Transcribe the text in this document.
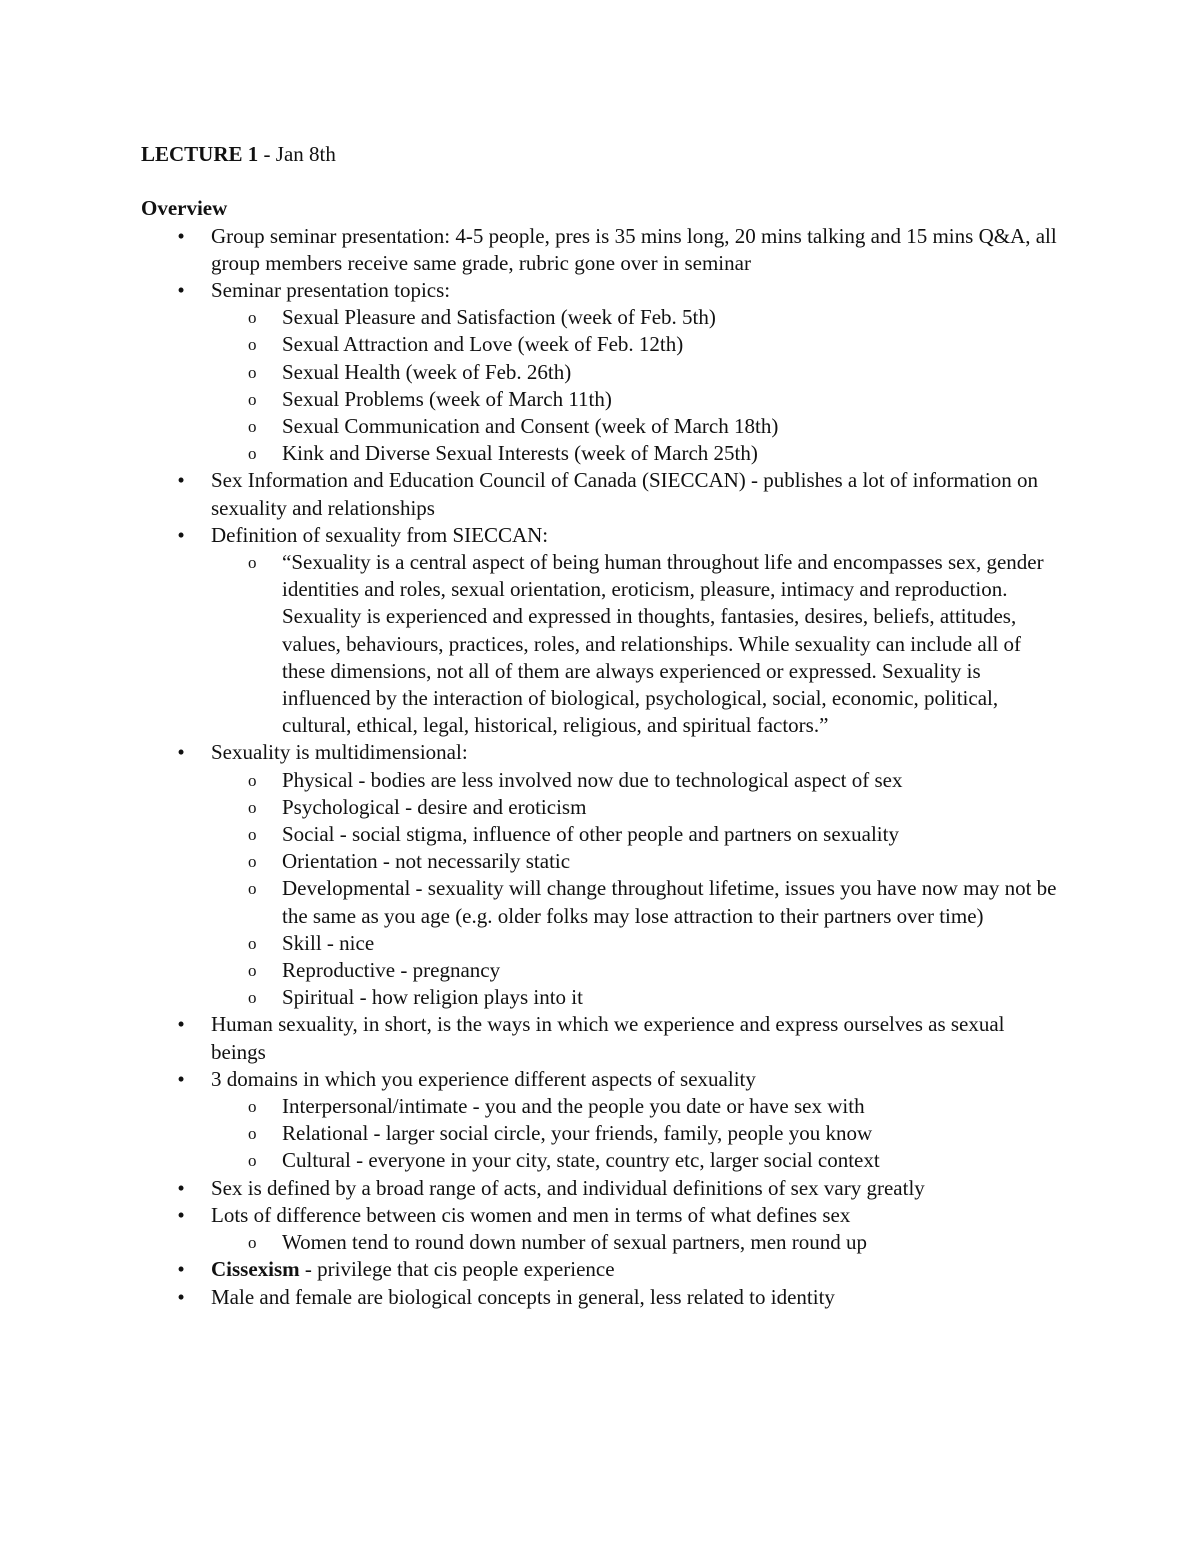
LECTURE 1 - Jan 8th
Overview
•	Group seminar presentation: 4-5 people, pres is 35 mins long, 20 mins talking and 15 mins Q&A, all group members receive same grade, rubric gone over in seminar
•	Seminar presentation topics:
o Sexual Pleasure and Satisfaction (week of Feb. 5th)
o Sexual Attraction and Love (week of Feb. 12th)
o Sexual Health (week of Feb. 26th)
o Sexual Problems (week of March 11th)
o Sexual Communication and Consent (week of March 18th)
o Kink and Diverse Sexual Interests (week of March 25th)
•	Sex Information and Education Council of Canada (SIECCAN) - publishes a lot of information on sexuality and relationships
•	Definition of sexuality from SIECCAN:
o “Sexuality is a central aspect of being human throughout life and encompasses sex, gender identities and roles, sexual orientation, eroticism, pleasure, intimacy and reproduction. Sexuality is experienced and expressed in thoughts, fantasies, desires, beliefs, attitudes, values, behaviours, practices, roles, and relationships. While sexuality can include all of these dimensions, not all of them are always experienced or expressed. Sexuality is influenced by the interaction of biological, psychological, social, economic, political, cultural, ethical, legal, historical, religious, and spiritual factors.”
•	Sexuality is multidimensional:
o Physical - bodies are less involved now due to technological aspect of sex
o Psychological - desire and eroticism
o Social - social stigma, influence of other people and partners on sexuality
o Orientation - not necessarily static
o Developmental - sexuality will change throughout lifetime, issues you have now may not be the same as you age (e.g. older folks may lose attraction to their partners over time)
o Skill - nice
o Reproductive - pregnancy
o Spiritual - how religion plays into it
•	Human sexuality, in short, is the ways in which we experience and express ourselves as sexual beings
•	3 domains in which you experience different aspects of sexuality
o Interpersonal/intimate - you and the people you date or have sex with
o Relational - larger social circle, your friends, family, people you know
o Cultural - everyone in your city, state, country etc, larger social context
•	Sex is defined by a broad range of acts, and individual definitions of sex vary greatly
•	Lots of difference between cis women and men in terms of what defines sex
o Women tend to round down number of sexual partners, men round up
•	Cissexism - privilege that cis people experience
•	Male and female are biological concepts in general, less related to identity
